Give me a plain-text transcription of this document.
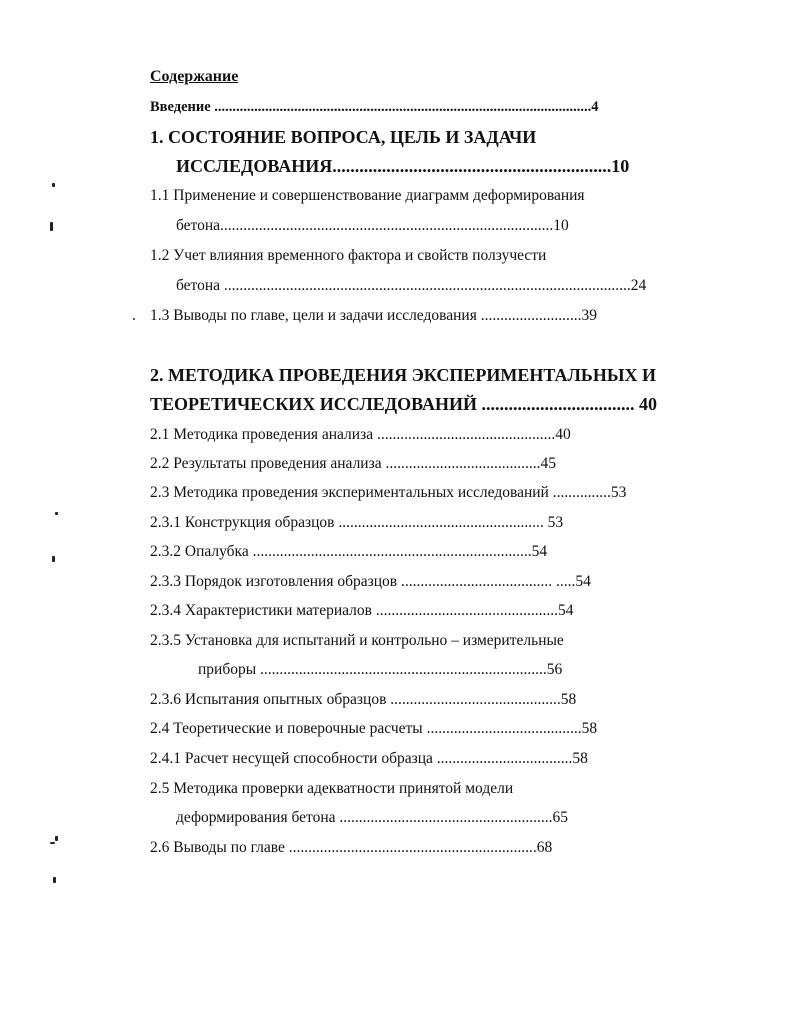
Содержание
Введение ........................................................................................................4
1. СОСТОЯНИЕ ВОПРОСА, ЦЕЛЬ И ЗАДАЧИ
ИССЛЕДОВАНИЯ..............................................................10
1.1 Применение и совершенствование диаграмм деформирования
бетона......................................................................................10
1.2 Учет влияния временного фактора и свойств ползучести
бетона .........................................................................................................24
1.3 Выводы по главе, цели и задачи исследования ..........................39
2. МЕТОДИКА ПРОВЕДЕНИЯ ЭКСПЕРИМЕНТАЛЬНЫХ И
ТЕОРЕТИЧЕСКИХ ИССЛЕДОВАНИЙ .................................. 40
2.1 Методика проведения анализа ..............................................40
2.2 Результаты проведения анализа ........................................45
2.3 Методика проведения экспериментальных исследований ...............53
2.3.1 Конструкция образцов ..................................................... 53
2.3.2 Опалубка ........................................................................54
2.3.3 Порядок изготовления образцов ....................................... .....54
2.3.4 Характеристики материалов ...............................................54
2.3.5 Установка для испытаний и контрольно – измерительные
приборы ..........................................................................56
2.3.6 Испытания опытных образцов ............................................58
2.4 Теоретические и поверочные расчеты ........................................58
2.4.1 Расчет несущей способности образца ...................................58
2.5 Методика проверки адекватности принятой модели
деформирования бетона .......................................................65
2.6 Выводы по главе ................................................................68
